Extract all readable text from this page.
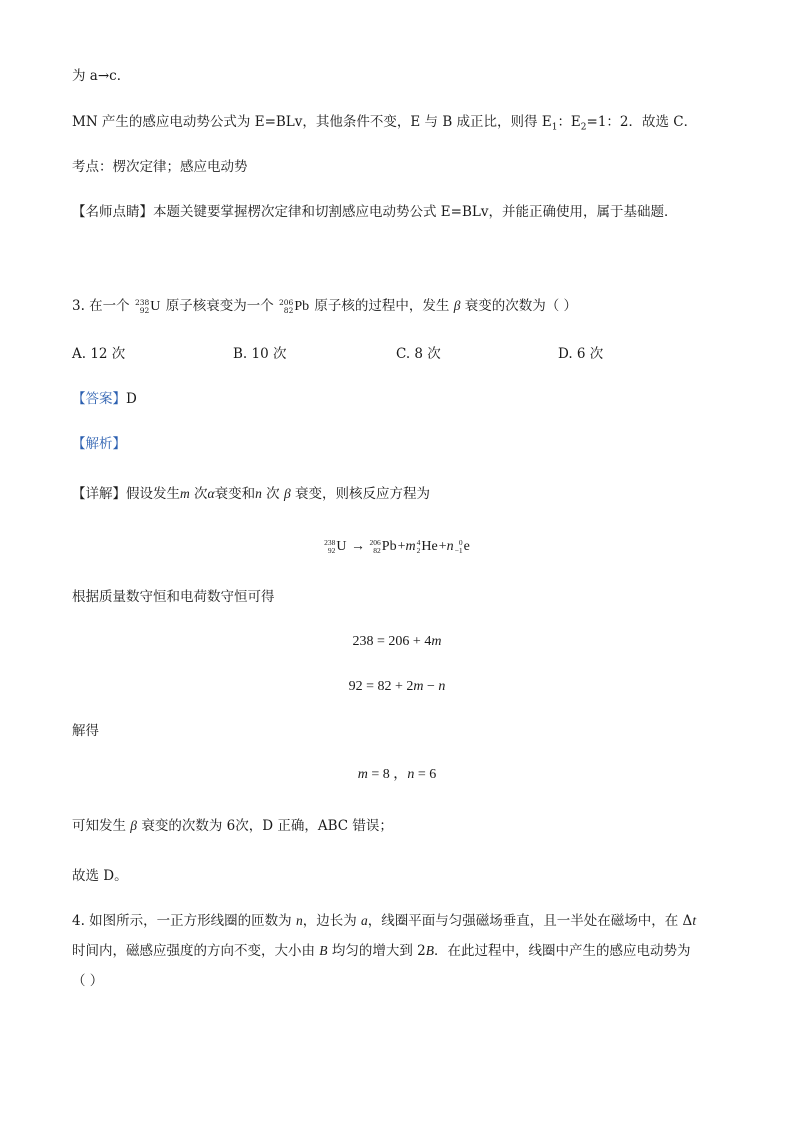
为 a→c．
MN 产生的感应电动势公式为 E=BLv，其他条件不变，E 与 B 成正比，则得 $E_1$：$E_2=1$：2．故选 C．
考点：楞次定律；感应电动势
【名师点睛】本题关键要掌握楞次定律和切割感应电动势公式 E=BLv，并能正确使用，属于基础题．
3. 在一个 238
92 U 原子核衰变为一个 206
82 Pb 原子核的过程中，发生 β 衰变的次数为（ ）
A. 12 次	B. 10 次	C. 8 次	D. 6 次
【答案】D
【解析】
【详解】假设发生m 次α衰变和n 次 β 衰变，则核反应方程为
238
92 U → 206
82 Pb +m 4
2 He +n 0
−1 e
根据质量数守恒和电荷数守恒可得
238 = 206 + 4m
92 = 82 + 2m − n
解得
m = 8 ，n = 6
可知发生 β 衰变的次数为 6次，D 正确，ABC 错误；
故选 D。
4. 如图所示，一正方形线圈的匝数为 n，边长为 a，线圈平面与匀强磁场垂直，且一半处在磁场中，在 Δt
时间内，磁感应强度的方向不变，大小由 B 均匀的增大到 2B．在此过程中，线圈中产生的感应电动势为
（ ）
